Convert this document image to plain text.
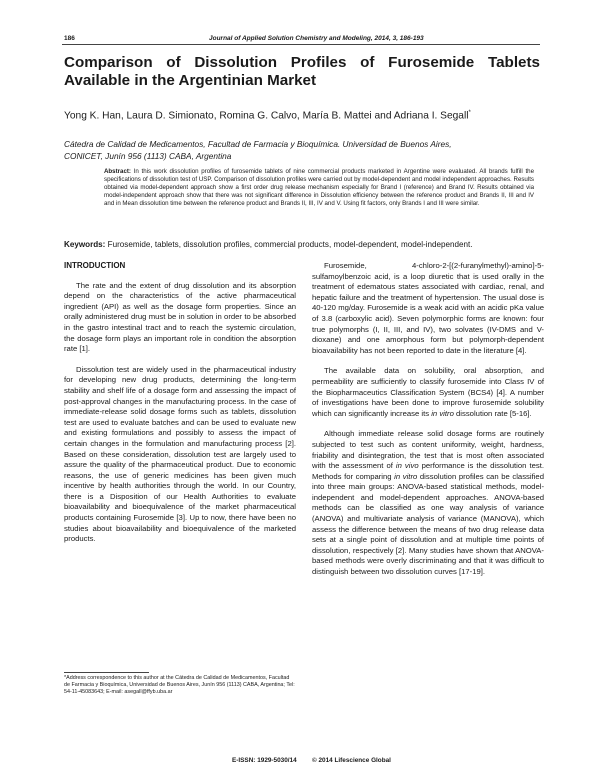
186	Journal of Applied Solution Chemistry and Modeling, 2014, 3, 186-193
Comparison of Dissolution Profiles of Furosemide Tablets Available in the Argentinian Market
Yong K. Han, Laura D. Simionato, Romina G. Calvo, María B. Mattei and Adriana I. Segall*
Cátedra de Calidad de Medicamentos, Facultad de Farmacia y Bioquímica. Universidad de Buenos Aires,
CONICET, Junín 956 (1113) CABA, Argentina
Abstract: In this work dissolution profiles of furosemide tablets of nine commercial products marketed in Argentine were evaluated. All brands fulfill the specifications of dissolution test of USP. Comparison of dissolution profiles were carried out by model-dependent and model independent approaches. Results obtained via model-dependent approach show a first order drug release mechanism especially for Brand I (reference) and Brand IV. Results obtained via model-independent approach show that there was not significant difference in Dissolution efficiency between the reference product and Brands II, III and IV and in Mean dissolution time between the reference product and Brands II, III, IV and V. Using fit factors, only Brands I and III were similar.
Keywords: Furosemide, tablets, dissolution profiles, commercial products, model-dependent, model-independent.
INTRODUCTION

The rate and the extent of drug dissolution and its absorption depend on the characteristics of the active pharmaceutical ingredient (API) as well as the dosage form properties. Since an orally administered drug must be in solution in order to be absorbed in the gastro intestinal tract and to reach the systemic circulation, the dosage form plays an important role in condition the absorption rate [1].

Dissolution test are widely used in the pharmaceutical industry for developing new drug products, determining the long-term stability and shelf life of a dosage form and assessing the impact of post-approval changes in the manufacturing process. In the case of immediate-release solid dosage forms such as tablets, dissolution test are used to evaluate batches and can be used to evaluate new and existing formulations and possibly to assess the impact of certain changes in the formulation and manufacturing process [2]. Based on these consideration, dissolution test are largely used to assure the quality of the pharmaceutical product. Due to economic reasons, the use of generic medicines has been given much incentive by health authorities through the world. In our Country, there is a Disposition of our Health Authorities to evaluate bioavailability and bioequivalence of the market pharmaceutical products containing Furosemide [3]. Up to now, there have been no studies about bioavailability and bioequivalence of the marketed products.

Furosemide, 4-chloro-2-[(2-furanylmethyl)-amino]-5-sulfamoylbenzoic acid, is a loop diuretic that is used orally in the treatment of edematous states associated with cardiac, renal, and hepatic failure and the treatment of hypertension. The usual dose is 40-120 mg/day. Furosemide is a weak acid with an acidic pKa value of 3.8 (carboxylic acid). Seven polymorphic forms are known: four true polymorphs (I, II, III, and IV), two solvates (IV-DMS and V-dioxane) and one amorphous form but polymorph-dependent bioavailability has not been reported to date in the literature [4].

The available data on solubility, oral absorption, and permeability are sufficiently to classify furosemide into Class IV of the Biopharmaceutics Classification System (BCS4) [4]. A number of investigations have been done to improve furosemide solubility which can significantly increase its in vitro dissolution rate [5-16].

Although immediate release solid dosage forms are routinely subjected to test such as content uniformity, weight, hardness, friability and disintegration, the test that is most often associated with the assessment of in vivo performance is the dissolution test. Methods for comparing in vitro dissolution profiles can be classified into three main groups: ANOVA-based statistical methods, model-independent and model-dependent approaches. ANOVA-based methods can be classified as one way analysis of variance (ANOVA) and multivariate analysis of variance (MANOVA), which assess the difference between the means of two drug release data sets at a single point of dissolution and at multiple time points of dissolution, respectively [2]. Many studies have shown that ANOVA-based methods were overly discriminating and that it was difficult to distinguish between two dissolution curves [17-19].

*Address correspondence to this author at the Cátedra de Calidad de Medicamentos, Facultad de Farmacia y Bioquímica, Universidad de Buenos Aires, Junín 956 (1113) CABA, Argentina; Tel: 54-11-45083643; E-mail: asegall@ffyb.uba.ar
E-ISSN: 1929-5030/14 © 2014 Lifescience Global
